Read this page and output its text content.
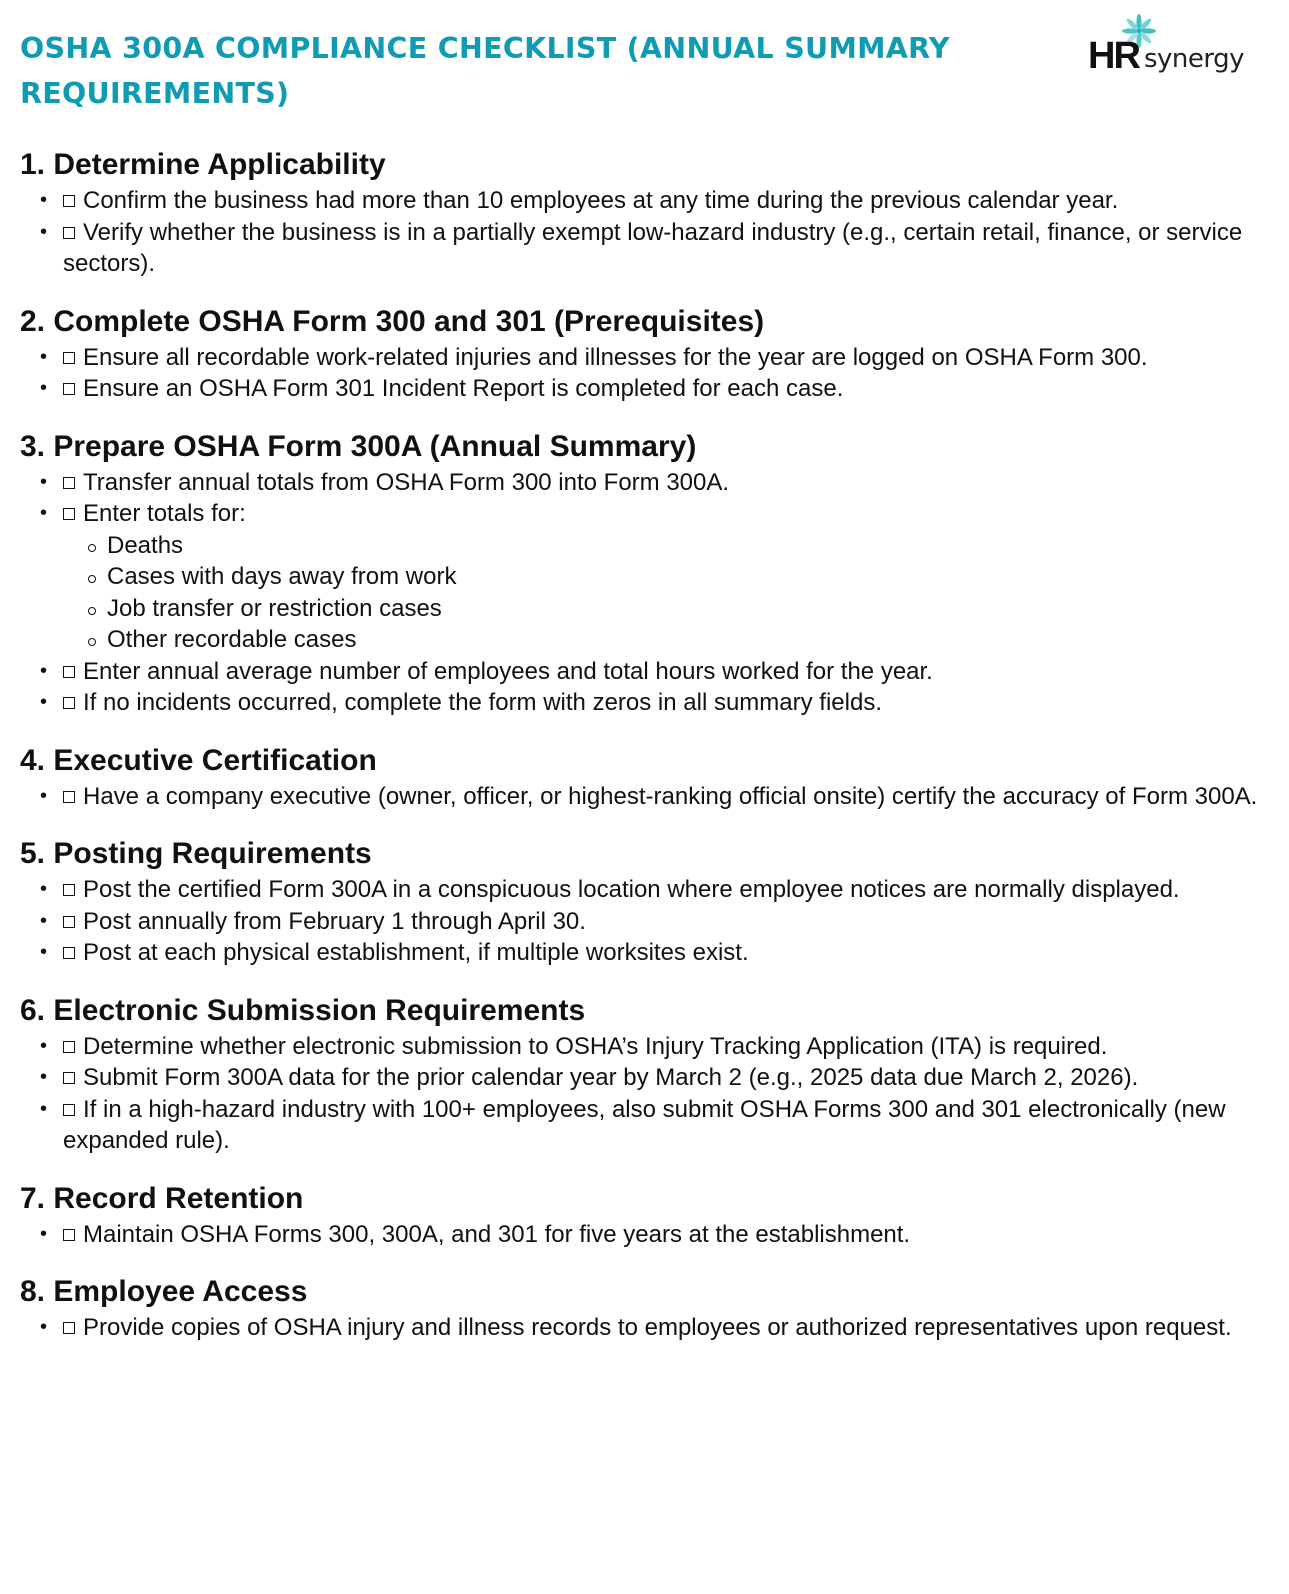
OSHA 300A COMPLIANCE CHECKLIST (ANNUAL SUMMARY REQUIREMENTS)
HR synergy
1. Determine Applicability
• Confirm the business had more than 10 employees at any time during the previous calendar year.
• Verify whether the business is in a partially exempt low-hazard industry (e.g., certain retail, finance, or service sectors).
2. Complete OSHA Form 300 and 301 (Prerequisites)
• Ensure all recordable work-related injuries and illnesses for the year are logged on OSHA Form 300.
• Ensure an OSHA Form 301 Incident Report is completed for each case.
3. Prepare OSHA Form 300A (Annual Summary)
• Transfer annual totals from OSHA Form 300 into Form 300A.
• Enter totals for:
Deaths
Cases with days away from work
Job transfer or restriction cases
Other recordable cases
• Enter annual average number of employees and total hours worked for the year.
• If no incidents occurred, complete the form with zeros in all summary fields.
4. Executive Certification
• Have a company executive (owner, officer, or highest-ranking official onsite) certify the accuracy of Form 300A.
5. Posting Requirements
• Post the certified Form 300A in a conspicuous location where employee notices are normally displayed.
• Post annually from February 1 through April 30.
• Post at each physical establishment, if multiple worksites exist.
6. Electronic Submission Requirements
• Determine whether electronic submission to OSHA’s Injury Tracking Application (ITA) is required.
• Submit Form 300A data for the prior calendar year by March 2 (e.g., 2025 data due March 2, 2026).
• If in a high-hazard industry with 100+ employees, also submit OSHA Forms 300 and 301 electronically (new expanded rule).
7. Record Retention
• Maintain OSHA Forms 300, 300A, and 301 for five years at the establishment.
8. Employee Access
• Provide copies of OSHA injury and illness records to employees or authorized representatives upon request.
